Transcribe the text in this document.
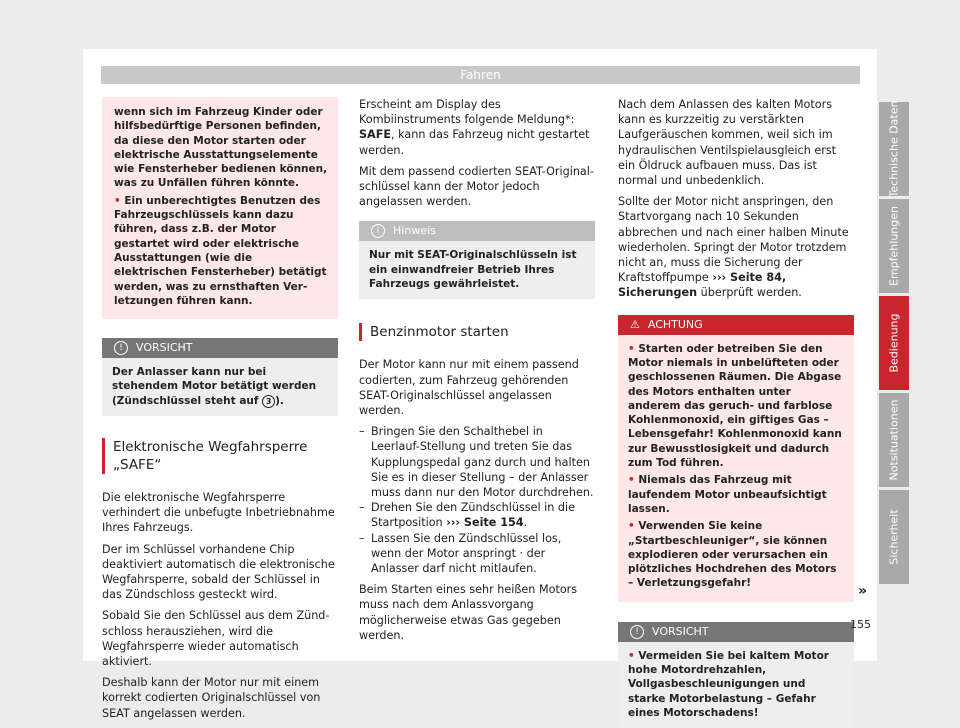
Fahren

wenn sich im Fahrzeug Kinder oder hilfsbedürftige Personen befinden, da diese den Motor starten oder elektrische Ausstattungselemente wie Fensterheber bedienen können, was zu Unfällen führen könnte.

• Ein unberechtigtes Benutzen des Fahrzeugschlüssels kann dazu führen, dass z.B. der Motor gestartet wird oder elektrische Ausstattungen (wie die elektrischen Fensterheber) betätigt werden, was zu ernsthaften Verletzungen führen kann.

! VORSICHT
Der Anlasser kann nur bei stehendem Motor betätigt werden (Zündschlüssel steht auf 3 ).
Elektronische Wegfahrsperre „SAFE“

Die elektronische Wegfahrsperre verhindert die unbefugte Inbetriebnahme Ihres Fahrzeugs.

Der im Schlüssel vorhandene Chip deaktiviert automatisch die elektronische Wegfahrsperre, sobald der Schlüssel in das Zündschloss gesteckt wird.

Sobald Sie den Schlüssel aus dem Zündschloss herausziehen, wird die Wegfahrsperre wieder automatisch aktiviert.

Deshalb kann der Motor nur mit einem korrekt codierten Originalschlüssel von SEAT angelassen werden.

Erscheint am Display des Kombiinstruments folgende Meldung*: SAFE, kann das Fahrzeug nicht gestartet werden.

Mit dem passend codierten SEAT-Originalschlüssel kann der Motor jedoch angelassen werden.

i Hinweis
Nur mit SEAT-Originalschlüsseln ist ein einwandfreier Betrieb Ihres Fahrzeugs gewährleistet.
Benzinmotor starten

Der Motor kann nur mit einem passend codierten, zum Fahrzeug gehörenden SEAT-Originalschlüssel angelassen werden.

– Bringen Sie den Schalthebel in Leerlauf-Stellung und treten Sie das Kupplungspedal ganz durch und halten Sie es in dieser Stellung – der Anlasser muss dann nur den Motor durchdrehen.
– Drehen Sie den Zündschlüssel in die Startposition ››› Seite 154.
– Lassen Sie den Zündschlüssel los, wenn der Motor anspringt · der Anlasser darf nicht mitlaufen.

Beim Starten eines sehr heißen Motors muss nach dem Anlassvorgang möglicherweise etwas Gas gegeben werden.

Nach dem Anlassen des kalten Motors kann es kurzzeitig zu verstärkten Laufgeräuschen kommen, weil sich im hydraulischen Ventilspielausgleich erst ein Öldruck aufbauen muss. Das ist normal und unbedenklich.

Sollte der Motor nicht anspringen, den Startvorgang nach 10 Sekunden abbrechen und nach einer halben Minute wiederholen. Springt der Motor trotzdem nicht an, muss die Sicherung der Kraftstoffpumpe ››› Seite 84, Sicherungen überprüft werden.

⚠ ACHTUNG

• Starten oder betreiben Sie den Motor niemals in unbelüfteten oder geschlossenen Räumen. Die Abgase des Motors enthalten unter anderem das geruch- und farblose Kohlenmonoxid, ein giftiges Gas – Lebensgefahr! Kohlenmonoxid kann zur Bewusstlosigkeit und dadurch zum Tod führen.

• Niemals das Fahrzeug mit laufendem Motor unbeaufsichtigt lassen.

• Verwenden Sie keine „Startbeschleuniger“, sie können explodieren oder verursachen ein plötzliches Hochdrehen des Motors – Verletzungsgefahr!

! VORSICHT
• Vermeiden Sie bei kaltem Motor hohe Motordrehzahlen, Vollgasbeschleunigungen und starke Motorbelastung – Gefahr eines Motorschadens!
»
Technische Daten
Empfehlungen
Bedienung
Notsituationen
Sicherheit
155
